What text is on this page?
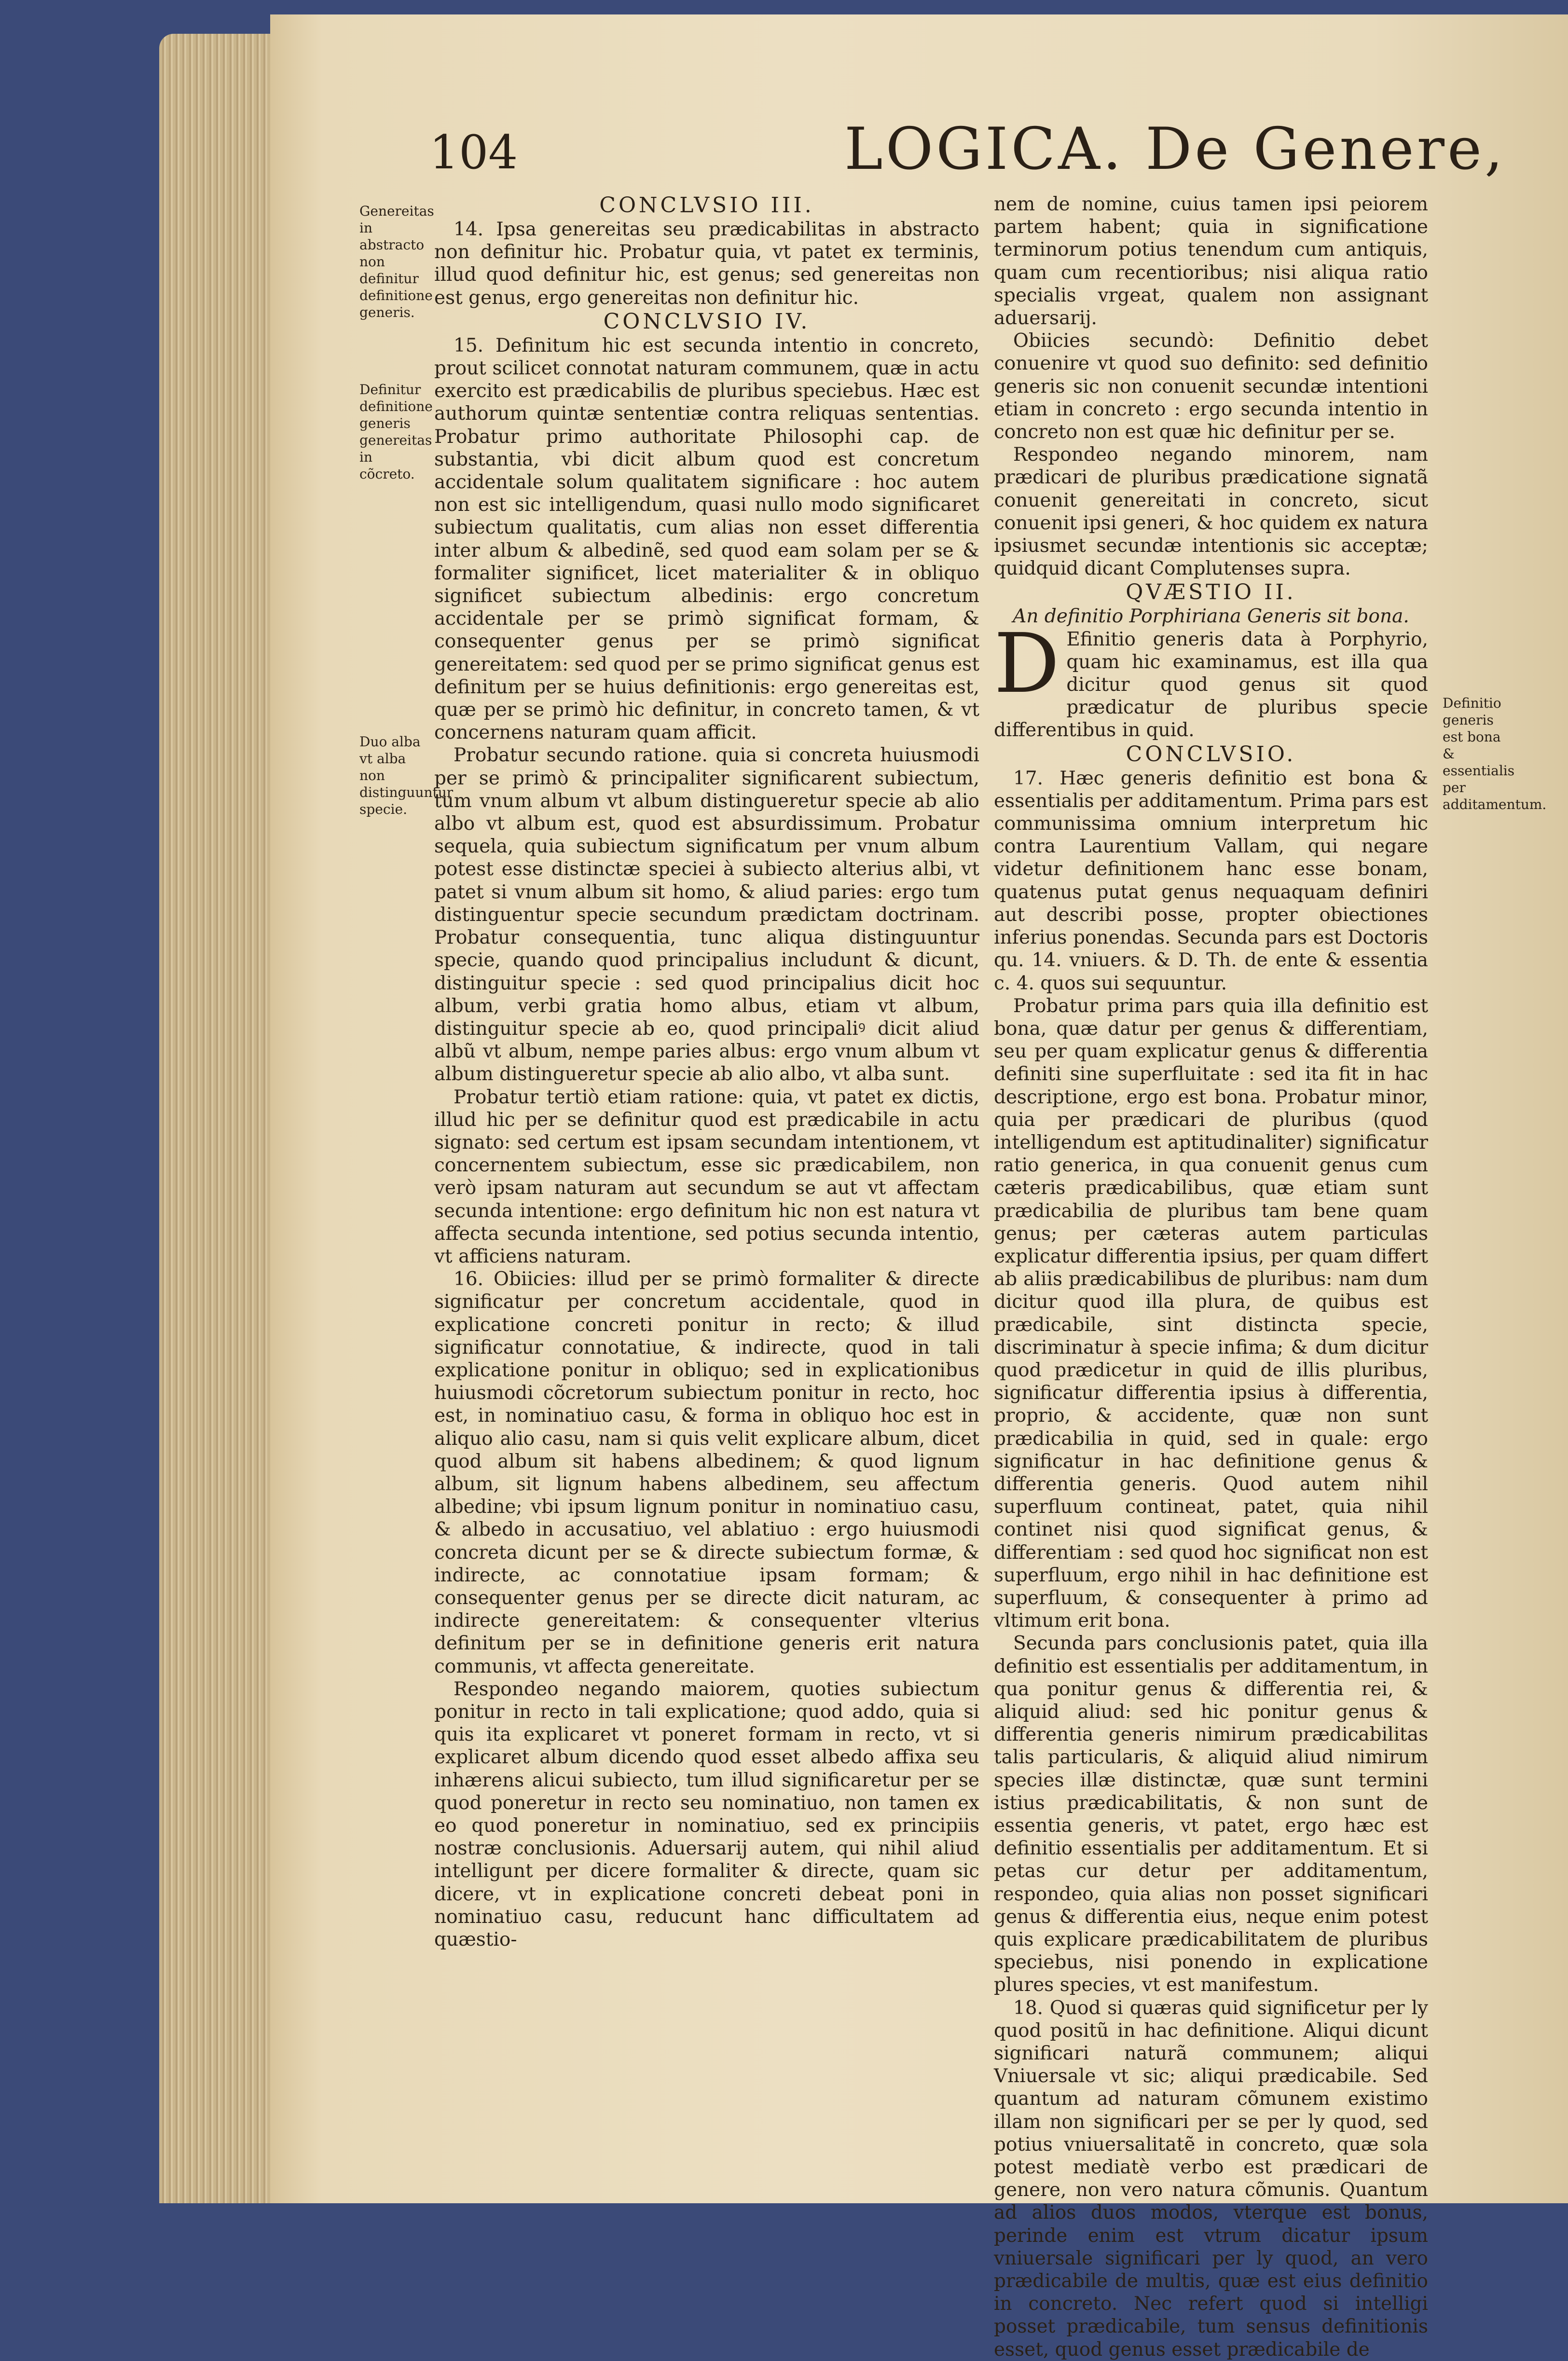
104	LOGICA. De Genere,
Genereitas in abstracto non definitur definitione generis.
Definitur definitione generis genereitas in cõcreto.
Duo alba vt alba non distinguuntur specie.
Definitio generis est bona & essentialis per additamentum.
CONCLVSIO III.
14. Ipsa genereitas seu prædicabilitas in abstracto non definitur hic. Probatur quia, vt patet ex terminis, illud quod definitur hic, est genus; sed genereitas non est genus, ergo genereitas non definitur hic.
CONCLVSIO IV.
15. Definitum hic est secunda intentio in concreto, prout scilicet connotat naturam communem, quæ in actu exercito est prædicabilis de pluribus speciebus. Hæc est authorum quintæ sententiæ contra reliquas sententias. Probatur primo authoritate Philosophi cap. de substantia, vbi dicit album quod est concretum accidentale solum qualitatem significare : hoc autem non est sic intelligendum, quasi nullo modo significaret subiectum qualitatis, cum alias non esset differentia inter album & albedinẽ, sed quod eam solam per se & formaliter significet, licet materialiter & in obliquo significet subiectum albedinis: ergo concretum accidentale per se primò significat formam, & consequenter genus per se primò significat genereitatem: sed quod per se primo significat genus est definitum per se huius definitionis: ergo genereitas est, quæ per se primò hic definitur, in concreto tamen, & vt concernens naturam quam afficit.
Probatur secundo ratione. quia si concreta huiusmodi per se primò & principaliter significarent subiectum, tum vnum album vt album distingueretur specie ab alio albo vt album est, quod est absurdissimum. Probatur sequela, quia subiectum significatum per vnum album potest esse distinctæ speciei à subiecto alterius albi, vt patet si vnum album sit homo, & aliud paries: ergo tum distinguentur specie secundum prædictam doctrinam. Probatur consequentia, tunc aliqua distinguuntur specie, quando quod principalius includunt & dicunt, distinguitur specie : sed quod principalius dicit hoc album, verbi gratia homo albus, etiam vt album, distinguitur specie ab eo, quod principaliꝰ dicit aliud albũ vt album, nempe paries albus: ergo vnum album vt album distingueretur specie ab alio albo, vt alba sunt.
Probatur tertiò etiam ratione: quia, vt patet ex dictis, illud hic per se definitur quod est prædicabile in actu signato: sed certum est ipsam secundam intentionem, vt concernentem subiectum, esse sic prædicabilem, non verò ipsam naturam aut secundum se aut vt affectam secunda intentione: ergo definitum hic non est natura vt affecta secunda intentione, sed potius secunda intentio, vt afficiens naturam.
16. Obiicies: illud per se primò formaliter & directe significatur per concretum accidentale, quod in explicatione concreti ponitur in recto; & illud significatur connotatiue, & indirecte, quod in tali explicatione ponitur in obliquo; sed in explicationibus huiusmodi cõcretorum subiectum ponitur in recto, hoc est, in nominatiuo casu, & forma in obliquo hoc est in aliquo alio casu, nam si quis velit explicare album, dicet quod album sit habens albedinem; & quod lignum album, sit lignum habens albedinem, seu affectum albedine; vbi ipsum lignum ponitur in nominatiuo casu, & albedo in accusatiuo, vel ablatiuo : ergo huiusmodi concreta dicunt per se & directe subiectum formæ, & indirecte, ac connotatiue ipsam formam; & consequenter genus per se directe dicit naturam, ac indirecte genereitatem: & consequenter vlterius definitum per se in definitione generis erit natura communis, vt affecta genereitate.
Respondeo negando maiorem, quoties subiectum ponitur in recto in tali explicatione; quod addo, quia si quis ita explicaret vt poneret formam in recto, vt si explicaret album dicendo quod esset albedo affixa seu inhærens alicui subiecto, tum illud significaretur per se quod poneretur in recto seu nominatiuo, non tamen ex eo quod poneretur in nominatiuo, sed ex principiis nostræ conclusionis. Aduersarij autem, qui nihil aliud intelligunt per dicere formaliter & directe, quam sic dicere, vt in explicatione concreti debeat poni in nominatiuo casu, reducunt hanc difficultatem ad quæstio-
nem de nomine, cuius tamen ipsi peiorem partem habent; quia in significatione terminorum potius tenendum cum antiquis, quam cum recentioribus; nisi aliqua ratio specialis vrgeat, qualem non assignant aduersarij.
Obiicies secundò: Definitio debet conuenire vt quod suo definito: sed definitio generis sic non conuenit secundæ intentioni etiam in concreto : ergo secunda intentio in concreto non est quæ hic definitur per se.
Respondeo negando minorem, nam prædicari de pluribus prædicatione signatã conuenit genereitati in concreto, sicut conuenit ipsi generi, & hoc quidem ex natura ipsiusmet secundæ intentionis sic acceptæ; quidquid dicant Complutenses supra.
QVÆSTIO II.
An definitio Porphiriana Generis sit bona.
D Efinitio generis data à Porphyrio, quam hic examinamus, est illa qua dicitur quod genus sit quod prædicatur de pluribus specie differentibus in quid.
CONCLVSIO.
17. Hæc generis definitio est bona & essentialis per additamentum. Prima pars est communissima omnium interpretum hic contra Laurentium Vallam, qui negare videtur definitionem hanc esse bonam, quatenus putat genus nequaquam definiri aut describi posse, propter obiectiones inferius ponendas. Secunda pars est Doctoris qu. 14. vniuers. & D. Th. de ente & essentia c. 4. quos sui sequuntur.
Probatur prima pars quia illa definitio est bona, quæ datur per genus & differentiam, seu per quam explicatur genus & differentia definiti sine superfluitate : sed ita fit in hac descriptione, ergo est bona. Probatur minor, quia per prædicari de pluribus (quod intelligendum est aptitudinaliter) significatur ratio generica, in qua conuenit genus cum cæteris prædicabilibus, quæ etiam sunt prædicabilia de pluribus tam bene quam genus; per cæteras autem particulas explicatur differentia ipsius, per quam differt ab aliis prædicabilibus de pluribus: nam dum dicitur quod illa plura, de quibus est prædicabile, sint distincta specie, discriminatur à specie infima; & dum dicitur quod prædicetur in quid de illis pluribus, significatur differentia ipsius à differentia, proprio, & accidente, quæ non sunt prædicabilia in quid, sed in quale: ergo significatur in hac definitione genus & differentia generis. Quod autem nihil superfluum contineat, patet, quia nihil continet nisi quod significat genus, & differentiam : sed quod hoc significat non est superfluum, ergo nihil in hac definitione est superfluum, & consequenter à primo ad vltimum erit bona.
Secunda pars conclusionis patet, quia illa definitio est essentialis per additamentum, in qua ponitur genus & differentia rei, & aliquid aliud: sed hic ponitur genus & differentia generis nimirum prædicabilitas talis particularis, & aliquid aliud nimirum species illæ distinctæ, quæ sunt termini istius prædicabilitatis, & non sunt de essentia generis, vt patet, ergo hæc est definitio essentialis per additamentum. Et si petas cur detur per additamentum, respondeo, quia alias non posset significari genus & differentia eius, neque enim potest quis explicare prædicabilitatem de pluribus speciebus, nisi ponendo in explicatione plures species, vt est manifestum.
18. Quod si quæras quid significetur per ly quod positũ in hac definitione. Aliqui dicunt significari naturã communem; aliqui Vniuersale vt sic; aliqui prædicabile. Sed quantum ad naturam cõmunem existimo illam non significari per se per ly quod, sed potius vniuersalitatẽ in concreto, quæ sola potest mediatè verbo est prædicari de genere, non vero natura cõmunis. Quantum ad alios duos modos, vterque est bonus, perinde enim est vtrum dicatur ipsum vniuersale significari per ly quod, an vero prædicabile de multis, quæ est eius definitio in concreto. Nec refert quod si intelligi posset prædicabile, tum sensus definitionis esset, quod genus esset prædicabile de
